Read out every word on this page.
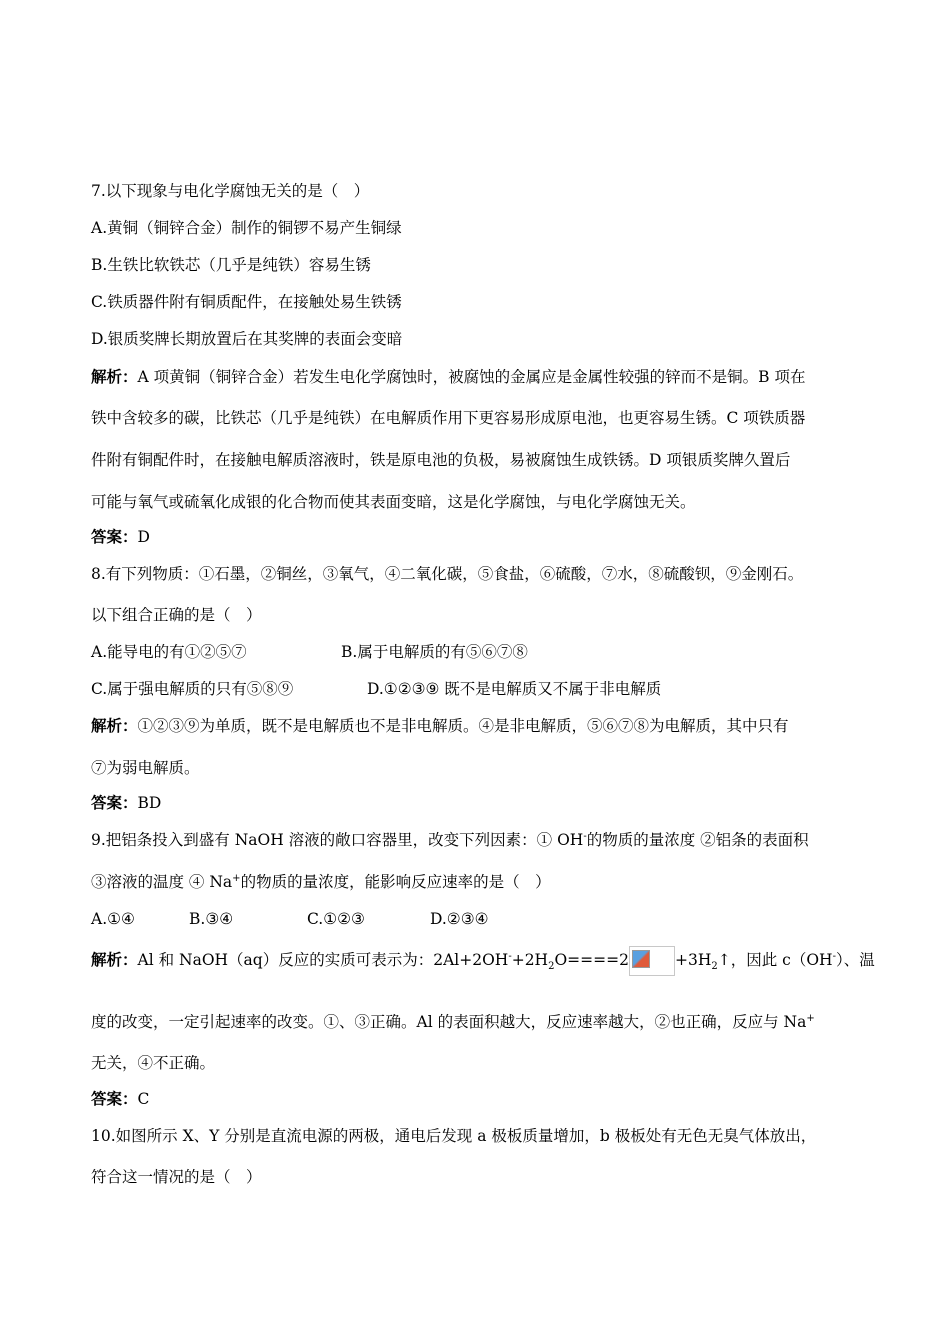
7.以下现象与电化学腐蚀无关的是（　）
A.黄铜（铜锌合金）制作的铜锣不易产生铜绿
B.生铁比软铁芯（几乎是纯铁）容易生锈
C.铁质器件附有铜质配件，在接触处易生铁锈
D.银质奖牌长期放置后在其奖牌的表面会变暗
解析：A 项黄铜（铜锌合金）若发生电化学腐蚀时，被腐蚀的金属应是金属性较强的锌而不是铜。B 项在
铁中含较多的碳，比铁芯（几乎是纯铁）在电解质作用下更容易形成原电池，也更容易生锈。C 项铁质器
件附有铜配件时，在接触电解质溶液时，铁是原电池的负极，易被腐蚀生成铁锈。D 项银质奖牌久置后
可能与氧气或硫氧化成银的化合物而使其表面变暗，这是化学腐蚀，与电化学腐蚀无关。
答案：D
8.有下列物质：①石墨，②铜丝，③氧气，④二氧化碳，⑤食盐，⑥硫酸，⑦水，⑧硫酸钡，⑨金刚石。
以下组合正确的是（　）
A.能导电的有①②⑤⑦	B.属于电解质的有⑤⑥⑦⑧
C.属于强电解质的只有⑤⑧⑨	D.①②③⑨ 既不是电解质又不属于非电解质
解析：①②③⑨为单质，既不是电解质也不是非电解质。④是非电解质，⑤⑥⑦⑧为电解质，其中只有
⑦为弱电解质。
答案：BD
9.把铝条投入到盛有 NaOH 溶液的敞口容器里，改变下列因素：① OH-的物质的量浓度 ②铝条的表面积
③溶液的温度 ④ Na+的物质的量浓度，能影响反应速率的是（　）
A.①④	B.③④	C.①②③	D.②③④
解析：Al 和 NaOH（aq）反应的实质可表示为：$2Al+2OH^-+2H_2O====2$	$+3H_2↑$，因此 c（OH-）、温
度的改变，一定引起速率的改变。①、③正确。Al 的表面积越大，反应速率越大，②也正确，反应与 Na+
无关，④不正确。
答案：C
10.如图所示 X、Y 分别是直流电源的两极，通电后发现 a 极板质量增加，b 极板处有无色无臭气体放出，
符合这一情况的是（　）
